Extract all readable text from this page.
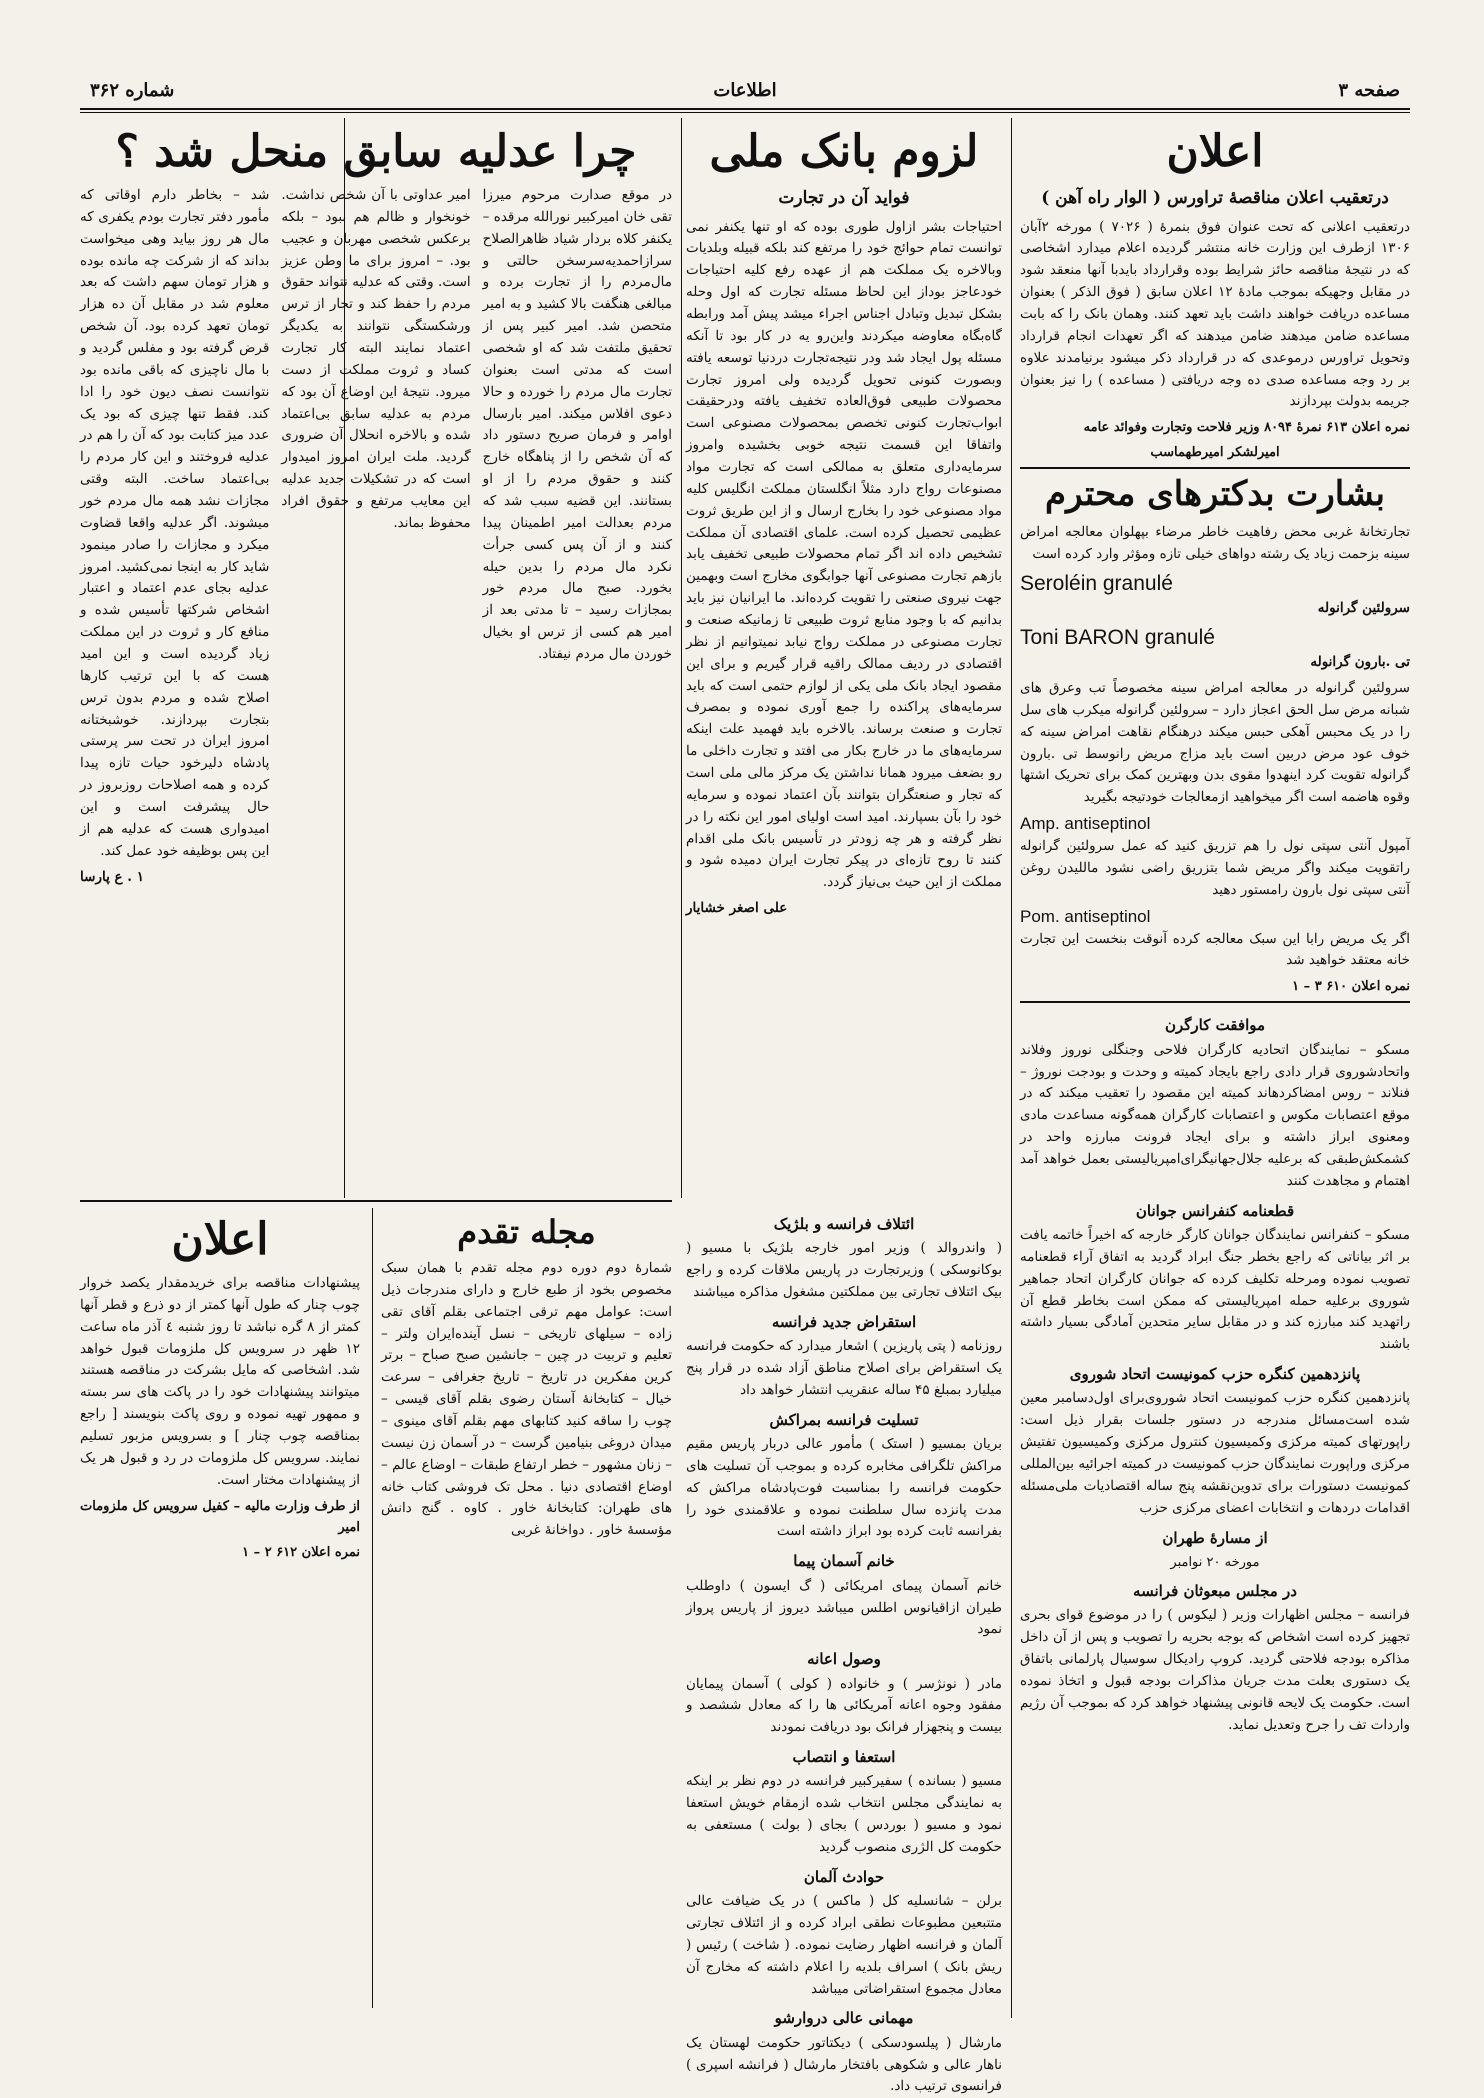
صفحه ۳
اطلاعات
شماره ۳۶۲
اعلان
درتعقیب اعلان مناقصهٔ تراورس ( الوار راه آهن )

درتعقیب اعلانی که تحت عنوان فوق بنمرهٔ ( ۷۰۲۶ ) مورخه ۲آبان ۱۳۰۶ ازطرف این وزارت خانه منتشر گردیده اعلام میدارد اشخاصی که در نتیجهٔ مناقصه حائز شرایط بوده وقرارداد بایدبا آنها منعقد شود در مقابل وجهیکه بموجب مادهٔ ۱۲ اعلان سابق ( فوق الذکر ) بعنوان مساعده دریافت خواهند داشت باید تعهد کنند. وهمان بانک را که بابت مساعده ضامن میدهند ضامن میدهند که اگر تعهدات انجام قرارداد وتحویل تراورس درموعدی که در قرارداد ذکر میشود برنیامدند علاوه بر رد وجه مساعده صدی ده وجه دریافتی ( مساعده ) را نیز بعنوان جریمه بدولت بپردازند

نمره اعلان ۶۱۳ نمرهٔ ۸۰۹۴ وزیر فلاحت وتجارت وفوائد عامه

امیرلشکر امیرطهماسب

بشارت بدکترهای محترم

تجارتخانهٔ غربی محض رفاهیت خاطر مرضاء بپهلوان معالجه امراض سینه بزحمت زیاد یک رشته دواهای خیلی تازه ومؤثر وارد کرده است

Seroléin granulé

سرولئین گرانوله

Toni BARON granulé

تی .بارون گرانوله

سرولئین گرانوله در معالجه امراض سینه مخصوصاً تب وعرق های شبانه مرض سل الحق اعجاز دارد – سرولئین گرانوله میکرب های سل را در یک محبس آهکی حبس میکند درهنگام نقاهت امراض سینه که خوف عود مرض دربین است باید مزاج مریض رانوسط تی .بارون گرانوله تقویت کرد اینهدوا مقوی بدن وبهترین کمک برای تحریک اشتها وقوه هاضمه است اگر میخواهید ازمعالجات خودتیجه بگیرید

Amp. antiseptinol

آمپول آنتی سپتی نول را هم تزریق کنید که عمل سرولئین گرانوله راتقویت میکند واگر مریض شما بتزریق راضی نشود ماللیدن روغن آنتی سپتی نول بارون رامستور دهید

Pom. antiseptinol

اگر یک مریض رابا این سبک معالجه کرده آنوقت بنخست این تجارت خانه معتقد خواهید شد

نمره اعلان ۶۱۰ ۳ – ۱

موافقت کارگرن

مسکو – نمایندگان اتحادیه کارگران فلاحی وجنگلی نوروز وفلاند واتحادشوروی قرار دادی راجع بایجاد کمیته و وحدت و بودجت نوروژ – فنلاند – روس امضاکردهاند کمیته این مقصود را تعقیب میکند که در موقع اعتصابات مکوس و اعتصابات کارگران همه‌گونه مساعدت مادی ومعنوی ابراز داشته و برای ایجاد فرونت مبارزه واحد در کشمکش‌طبقی که برعلیه جلال‌جهانیگرای‌امپریالیستی بعمل خواهد آمد اهتمام و مجاهدت کنند

قطعنامه کنفرانس جوانان

مسکو – کنفرانس نمایندگان جوانان کارگر خارجه که اخیراً خاتمه یافت بر اثر بیاناتی که راجع بخطر جنگ ابراد گردید به اتفاق آراء قطعنامه تصویب نموده ومرحله تکلیف کرده که جوانان کارگران اتحاد جماهیر شوروی برعلیه حمله امپریالیستی که ممکن است بخاطر قطع آن راتهدید کند مبارزه کند و در مقابل سایر متحدین آمادگی بسیار داشته باشند

پانزدهمین کنگره حزب کمونیست اتحاد شوروی

پانزدهمین کنگره حزب کمونیست اتحاد شوروی‌برای اول‌دسامبر معین شده است‌مسائل مندرجه در دستور جلسات بقرار ذیل است: راپورتهای کمیته مرکزی وکمیسیون کنترول مرکزی وکمیسیون تفتیش مرکزی وراپورت نمایندگان حزب کمونیست در کمیته اجرائیه بین‌المللی کمونیست دستورات برای تدوین‌نقشه پنج ساله اقتصادیات ملی‌مسئله اقدامات دردهات و انتخابات اعضای مرکزی حزب

از مسارهٔ طهران

مورخه ۲۰ نوامبر

در مجلس مبعوثان فرانسه

فرانسه – مجلس اظهارات وزیر ( لیکوس ) را در موضوع قوای بحری تجهیز کرده است اشخاص که بوجه بحریه را تصویب و پس از آن داخل مذاکره بودجه فلاحتی گردید. کروپ رادیکال سوسیال پارلمانی باتفاق یک دستوری بعلت مدت جریان مذاکرات بودجه قبول و اتخاذ نموده است. حکومت یک لایحه قانونی پیشنهاد خواهد کرد که بموجب آن رژیم واردات تف را جرح وتعدیل نماید.

ائتلاف فرانسه و بلژیک

( واندروالد ) وزیر امور خارجه بلژیک با مسیو ( بوکانوسکی ) وزیرتجارت در پاریس ملاقات کرده و راجع بیک ائتلاف تجارتی بین مملکتین مشغول مذاکره میباشند

استقراض جدید فرانسه

روزنامه ( پتی پاریزین ) اشعار میدارد که حکومت فرانسه یک استقراض برای اصلاح مناطق آزاد شده در قرار پنج میلیارد بمبلغ ۴۵ ساله عنقریب انتشار خواهد داد

تسلیت فرانسه بمراکش

بریان بمسیو ( استک ) مأمور عالی دربار پاریس مقیم مراکش تلگرافی مخابره کرده و بموجب آن تسلیت های حکومت فرانسه را بمناسبت فوت‌پادشاه مراکش که مدت پانزده سال سلطنت نموده و علاقمندی خود را بفرانسه ثابت کرده بود ابراز داشته است

خانم آسمان پیما

خانم آسمان پیمای امریکائی ( گ ایسون ) داوطلب طیران ازاقیانوس اطلس میباشد دیروز از پاریس پرواز نمود

وصول اعانه

مادر ( نونژسر ) و خانواده ( کولی ) آسمان پیمایان مفقود وجوه اعانه آمریکائی ها را که معادل ششصد و بیست و پنجهزار فرانک بود دریافت نمودند

استعفا و انتصاب

مسیو ( بسانده ) سفیرکبیر فرانسه در دوم نظر بر اینکه به نمایندگی مجلس انتخاب شده ازمقام خویش استعفا نمود و مسیو ( بوردس ) بجای ( بولت ) مستعفی به حکومت کل الژری منصوب گردید

حوادث آلمان

برلن – شانسلیه کل ( ماکس ) در یک ضیافت عالی متتبعین مطبوعات نطقی ابراد کرده و از ائتلاف تجارتی آلمان و فرانسه اظهار رضایت نموده. ( شاخت ) رئیس ( ریش بانک ) اسراف بلدیه را اعلام داشته که مخارج آن معادل مجموع استقراضاتی میباشد

مهمانی عالی دروارشو

مارشال ( پیلسودسکی ) دیکتاتور حکومت لهستان یک ناهار عالی و شکوهی بافتخار مارشال ( فرانشه اسپری ) فرانسوی ترتیب داد.

لزوم بانک ملی
فواید آن در تجارت

احتیاجات بشر ازاول طوری بوده که او تنها یکنفر نمی توانست تمام حوائج خود را مرتفع کند بلکه قبیله وبلدیات وبالاخره یک مملکت هم از عهده رفع کلیه احتیاجات خودعاجز بوداز این لحاظ مسئله تجارت که اول وحله بشکل تبدیل وتبادل اجناس اجراء میشد پیش آمد ورابطه‌ گاه‌بگاه معاوضه میکردند واین‌رو یه در کار بود تا آنکه مسئله پول ایجاد شد ودر نتیجه‌تجارت دردنیا توسعه یافته وبصورت کنونی تحویل گردیده ولی امروز تجارت محصولات طبیعی فوق‌العاده تخفیف یافته ودرحقیقت ابواب‌تجارت کنونی تخصص بمحصولات مصنوعی است واتفاقا این قسمت نتیجه خوبی بخشیده وامروز سرمایه‌داری متعلق به ممالکی است که تجارت مواد مصنوعات رواج دارد مثلاً انگلستان مملکت انگلیس کلیه مواد مصنوعی خود را بخارج ارسال و از این طریق ثروت عظیمی تحصیل کرده است. علمای اقتصادی آن مملکت تشخیص داده اند اگر تمام محصولات طبیعی تخفیف یابد بازهم تجارت مصنوعی آنها جوابگوی مخارج است وبهمین جهت نیروی صنعتی را تقویت کرده‌اند. ما ایرانیان نیز باید بدانیم که با وجود منابع ثروت طبیعی تا زمانیکه صنعت و تجارت مصنوعی در مملکت رواج نیابد نمیتوانیم از نظر اقتصادی در ردیف ممالک راقیه قرار گیریم و برای این مقصود ایجاد بانک ملی یکی از لوازم حتمی است که باید سرمایه‌های پراکنده را جمع آوری نموده و بمصرف تجارت و صنعت برساند. بالاخره باید فهمید علت اینکه سرمایه‌های ما در خارج بکار می افتد و تجارت داخلی ما رو بضعف میرود همانا نداشتن یک مرکز مالی ملی است که تجار و صنعتگران بتوانند بآن اعتماد نموده و سرمایه خود را بآن بسپارند. امید است اولیای امور این نکته را در نظر گرفته و هر چه زودتر در تأسیس بانک ملی اقدام کنند تا روح تازه‌ای در پیکر تجارت ایران دمیده شود و مملکت از این حیث بی‌نیاز گردد.

علی اصغر خشایار

چرا عدلیه سابق منحل شد ؟

در موقع صدارت مرحوم میرزا تقی خان امیرکبیر نور‌الله مرقده – یکنفر کلاه بردار شیاد ظاهرالصلاح سرازاحمدیه‌سرسخن حالتی و مال‌مردم را از تجارت برده و مبالغی هنگفت بالا کشید و به امیر متحصن شد. امیر کبیر پس از تحقیق ملتفت شد که او شخصی است که مدتی است بعنوان تجارت مال مردم را خورده و حالا دعوی افلاس میکند. امیر بارسال اوامر و فرمان صریح دستور داد که آن شخص را از پناهگاه خارج کنند و حقوق مردم را از او بستانند. این قضیه سبب شد که مردم بعدالت امیر اطمینان پیدا کنند و از آن پس کسی جرأت نکرد مال مردم را بدین حیله بخورد. صبح مال مردم خور بمجازات رسید – تا مدتی بعد از امیر هم کسی از ترس او بخیال خوردن مال مردم نیفتاد.

امیر عداوتی با آن شخص نداشت. خونخوار و ظالم هم نبود – بلکه برعکس شخصی مهربان و عجیب بود. – امروز برای ما وطن عزیز است. وقتی که عدلیه نتواند حقوق مردم را حفظ کند و تجار از ترس ورشکستگی نتوانند به یکدیگر اعتماد نمایند البته کار تجارت کساد و ثروت مملکت از دست میرود. نتیجهٔ این اوضاع آن بود که مردم به عدلیه سابق بی‌اعتماد شده و بالاخره انحلال آن ضروری گردید. ملت ایران امروز امیدوار است که در تشکیلات جدید عدلیه این معایب مرتفع و حقوق افراد محفوظ بماند.

شد – بخاطر دارم اوقاتی که مأمور دفتر تجارت بودم یکفری که مال هر روز بیاید وهی میخواست بداند که از شرکت چه مانده بوده و هزار تومان سهم داشت که بعد معلوم شد در مقابل آن ده هزار تومان تعهد کرده بود. آن شخص قرض گرفته بود و مفلس گردید و با مال ناچیزی که باقی مانده بود نتوانست نصف دیون خود را ادا کند. فقط تنها چیزی که بود یک عدد میز کتابت بود که آن را هم در عدلیه فروختند و این کار مردم را بی‌اعتماد ساخت. البته وقتی مجازات نشد همه مال مردم خور میشوند. اگر عدلیه واقعا قضاوت میکرد و مجازات را صادر مینمود شاید کار به اینجا نمی‌کشید. امروز عدلیه بجای عدم اعتماد و اعتبار اشخاص شرکتها تأسیس شده و منافع کار و ثروت در این مملکت زیاد گردیده است و این امید هست که با این ترتیب کارها اصلاح شده و مردم بدون ترس بتجارت بپردازند. خوشبختانه امروز ایران در تحت سر پرستی پادشاه دلیرخود حیات تازه پیدا کرده و همه اصلاحات روزبروز در حال پیشرفت است و این امیدواری هست که عدلیه هم از این پس بوظیفه خود عمل کند.

۱ . ع پارسا

مجله تقدم

شمارهٔ دوم دوره دوم مجله تقدم با همان سبک مخصوص بخود از طبع خارج و دارای مندرجات ذیل است: عوامل مهم ترقی اجتماعی بقلم آقای تقی زاده – سیلهای تاریخی – نسل آینده‌ایران ولتر – تعلیم و تربیت در چین – جانشین صبح صباح – برتر کرین مفکرین در تاریخ – تاریخ جغرافی – سرعت خیال – کتابخانهٔ آستان رضوی بقلم آقای قیسی – چوب را ساقه کنید کتابهای مهم بقلم آقای مینوی – میدان دروغی بنیامین گرست – در آسمان زن نیست – زنان مشهور – خطر ارتفاع طبقات – اوضاع عالم – اوضاع اقتصادی دنیا . محل تک فروشی کتاب خانه های طهران: کتابخانهٔ خاور . کاوه . گنج دانش مؤسسهٔ خاور . دواخانهٔ غربی

اعلان

پیشنهادات مناقصه برای خریدمقدار یکصد خروار چوب چنار که طول آنها کمتر از دو ذرع و قطر آنها کمتر از ۸ گره نباشد تا روز شنبه ٤ آذر ماه ساعت ۱۲ ظهر در سرویس کل ملزومات قبول خواهد شد. اشخاصی که مایل بشرکت در مناقصه هستند میتوانند پیشنهادات خود را در پاکت های سر بسته و ممهور تهیه نموده و روی پاکت بنویسند [ راجع بمناقصه چوب چنار ] و بسرویس مزبور تسلیم نمایند. سرویس کل ملزومات در رد و قبول هر یک از پیشنهادات مختار است.

از طرف وزارت مالیه – کفیل سرویس کل ملزومات امیر

نمره اعلان ۶۱۲ ۲ – ۱
